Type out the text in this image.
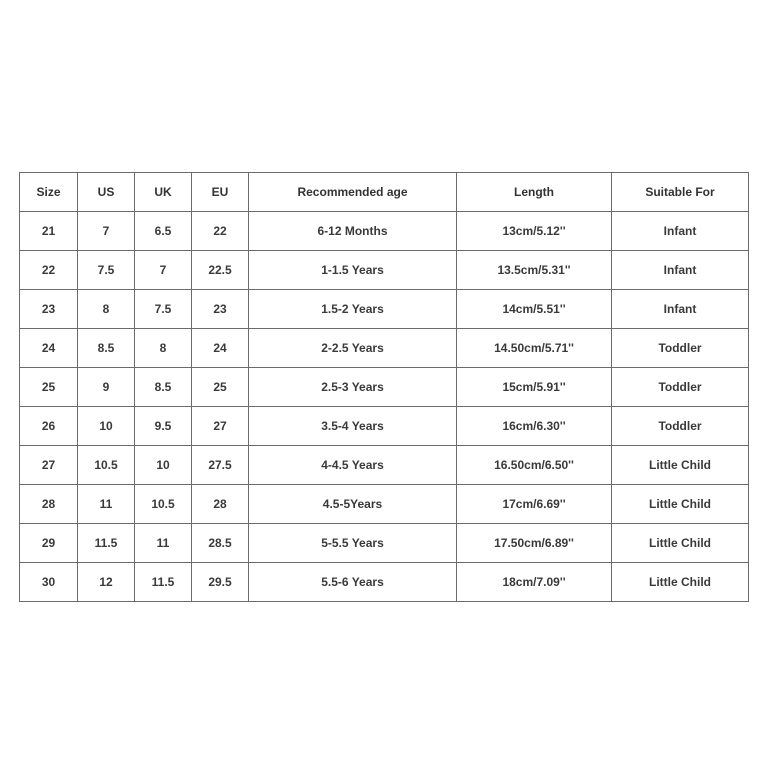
Size	US	UK	EU	Recommended age	Length	Suitable For
21	7	6.5	22	6-12 Months	13cm/5.12''	Infant
22	7.5	7	22.5	1-1.5 Years	13.5cm/5.31''	Infant
23	8	7.5	23	1.5-2 Years	14cm/5.51''	Infant
24	8.5	8	24	2-2.5 Years	14.50cm/5.71''	Toddler
25	9	8.5	25	2.5-3 Years	15cm/5.91''	Toddler
26	10	9.5	27	3.5-4 Years	16cm/6.30''	Toddler
27	10.5	10	27.5	4-4.5 Years	16.50cm/6.50''	Little Child
28	11	10.5	28	4.5-5Years	17cm/6.69''	Little Child
29	11.5	11	28.5	5-5.5 Years	17.50cm/6.89''	Little Child
30	12	11.5	29.5	5.5-6 Years	18cm/7.09''	Little Child
